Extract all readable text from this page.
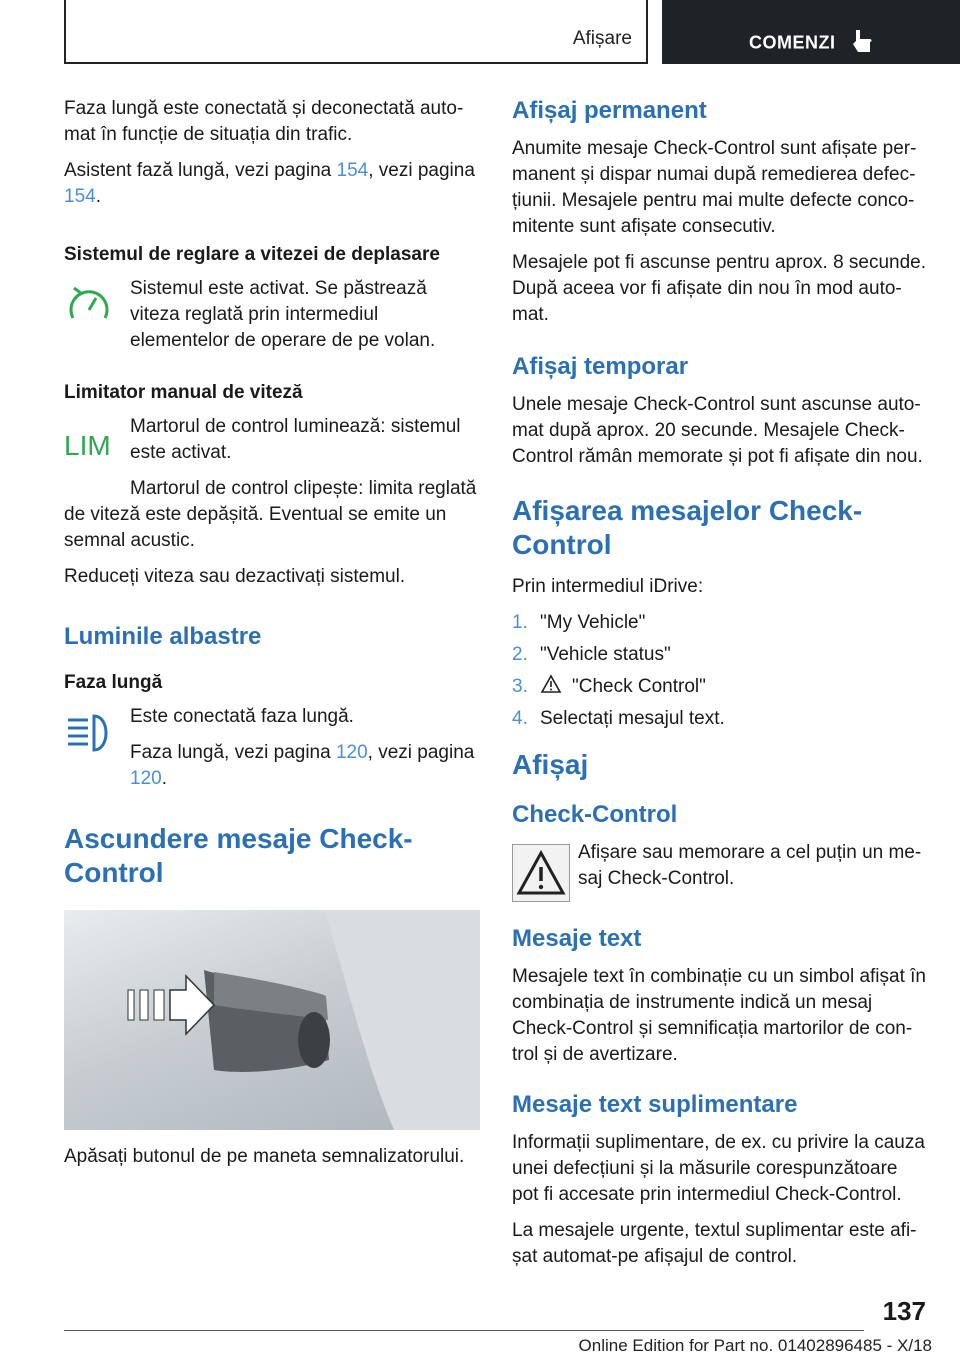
Afișare	COMENZI

Faza lungă este conectată și deconectată automat în funcție de situația din trafic.

Asistent fază lungă, vezi pagina 154, vezi pagina 154.

Sistemul de reglare a vitezei de deplasare

Sistemul este activat. Se păstrează viteza reglată prin intermediul elementelor de operare de pe volan.

Limitator manual de viteză
LIM

Martorul de control luminează: sistemul este activat.

Martorul de control clipește: limita reglată de viteză este depășită. Eventual se emite un semnal acustic.

Reduceți viteza sau dezactivați sistemul.

Luminile albastre
Faza lungă

Este conectată faza lungă.

Faza lungă, vezi pagina 120, vezi pagina 120.

Ascundere mesaje Check-Control

Apăsați butonul de pe maneta semnalizatorului.

Afișaj permanent

Anumite mesaje Check-Control sunt afișate permanent și dispar numai după remedierea defecțiunii. Mesajele pentru mai multe defecte concomitente sunt afișate consecutiv.

Mesajele pot fi ascunse pentru aprox. 8 secunde. După aceea vor fi afișate din nou în mod automat.

Afișaj temporar

Unele mesaje Check-Control sunt ascunse automat după aprox. 20 secunde. Mesajele Check-Control rămân memorate și pot fi afișate din nou.

Afișarea mesajelor Check-Control

Prin intermediul iDrive:

1. "My Vehicle"
2. "Vehicle status"
3. "Check Control"
4. Selectați mesajul text.
Afișaj
Check-Control

Afișare sau memorare a cel puțin un mesaj Check-Control.

Mesaje text

Mesajele text în combinație cu un simbol afișat în combinația de instrumente indică un mesaj Check-Control și semnificația martorilor de control și de avertizare.

Mesaje text suplimentare

Informații suplimentare, de ex. cu privire la cauza unei defecțiuni și la măsurile corespunzătoare pot fi accesate prin intermediul Check-Control.

La mesajele urgente, textul suplimentar este afișat automat-pe afișajul de control.

137
Online Edition for Part no. 01402896485 - X/18
